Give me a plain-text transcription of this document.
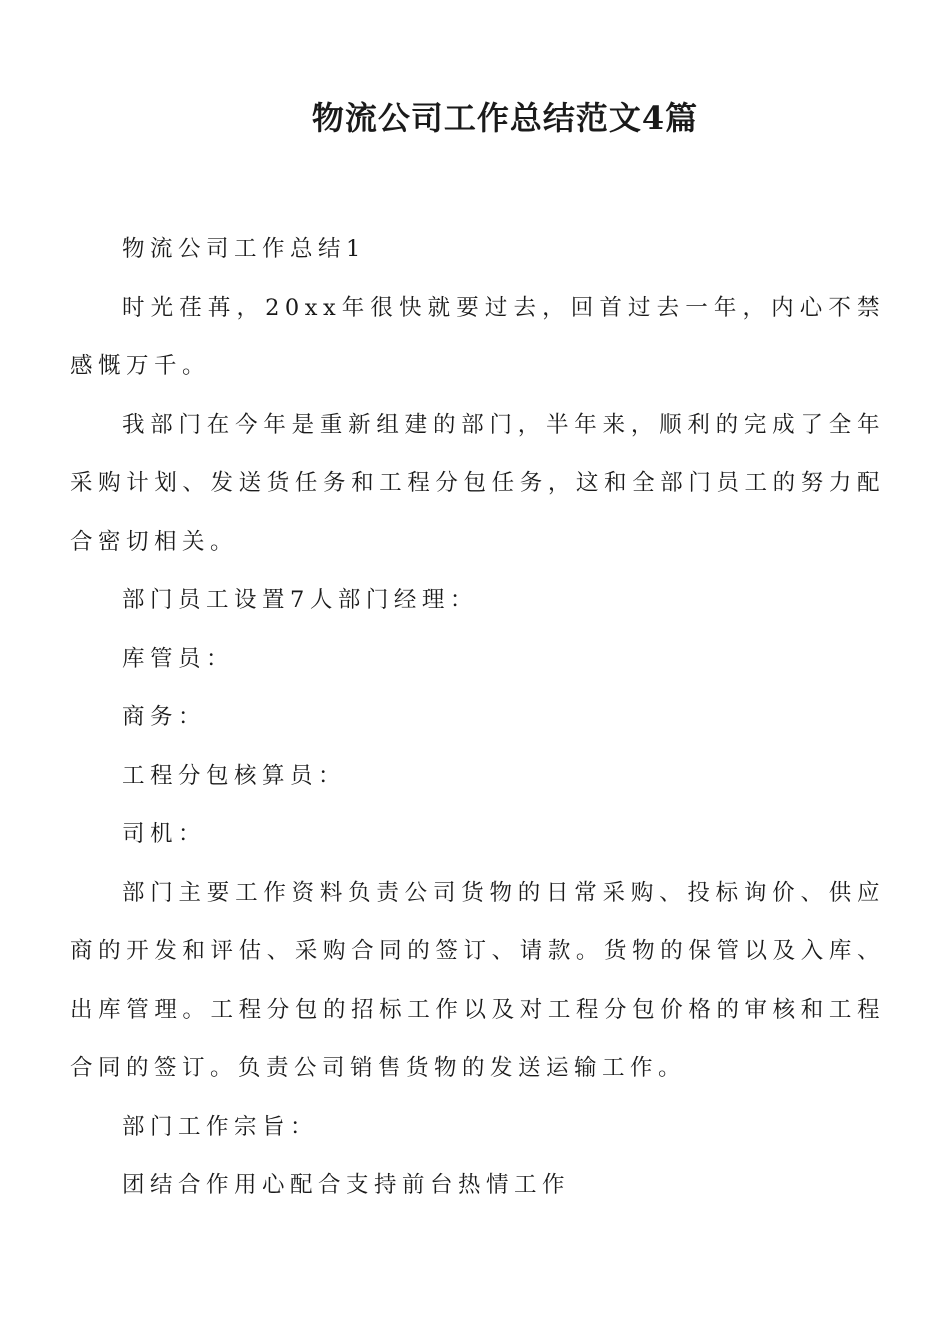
物流公司工作总结范文4篇

物流公司工作总结1

时光荏苒，20xx年很快就要过去，回首过去一年，内心不禁感慨万千。

我部门在今年是重新组建的部门，半年来，顺利的完成了全年采购计划、发送货任务和工程分包任务，这和全部门员工的努力配合密切相关。

部门员工设置7人部门经理：

库管员：

商务：

工程分包核算员：

司机：

部门主要工作资料负责公司货物的日常采购、投标询价、供应商的开发和评估、采购合同的签订、请款。货物的保管以及入库、出库管理。工程分包的招标工作以及对工程分包价格的审核和工程合同的签订。负责公司销售货物的发送运输工作。

部门工作宗旨：

团结合作用心配合支持前台热情工作
